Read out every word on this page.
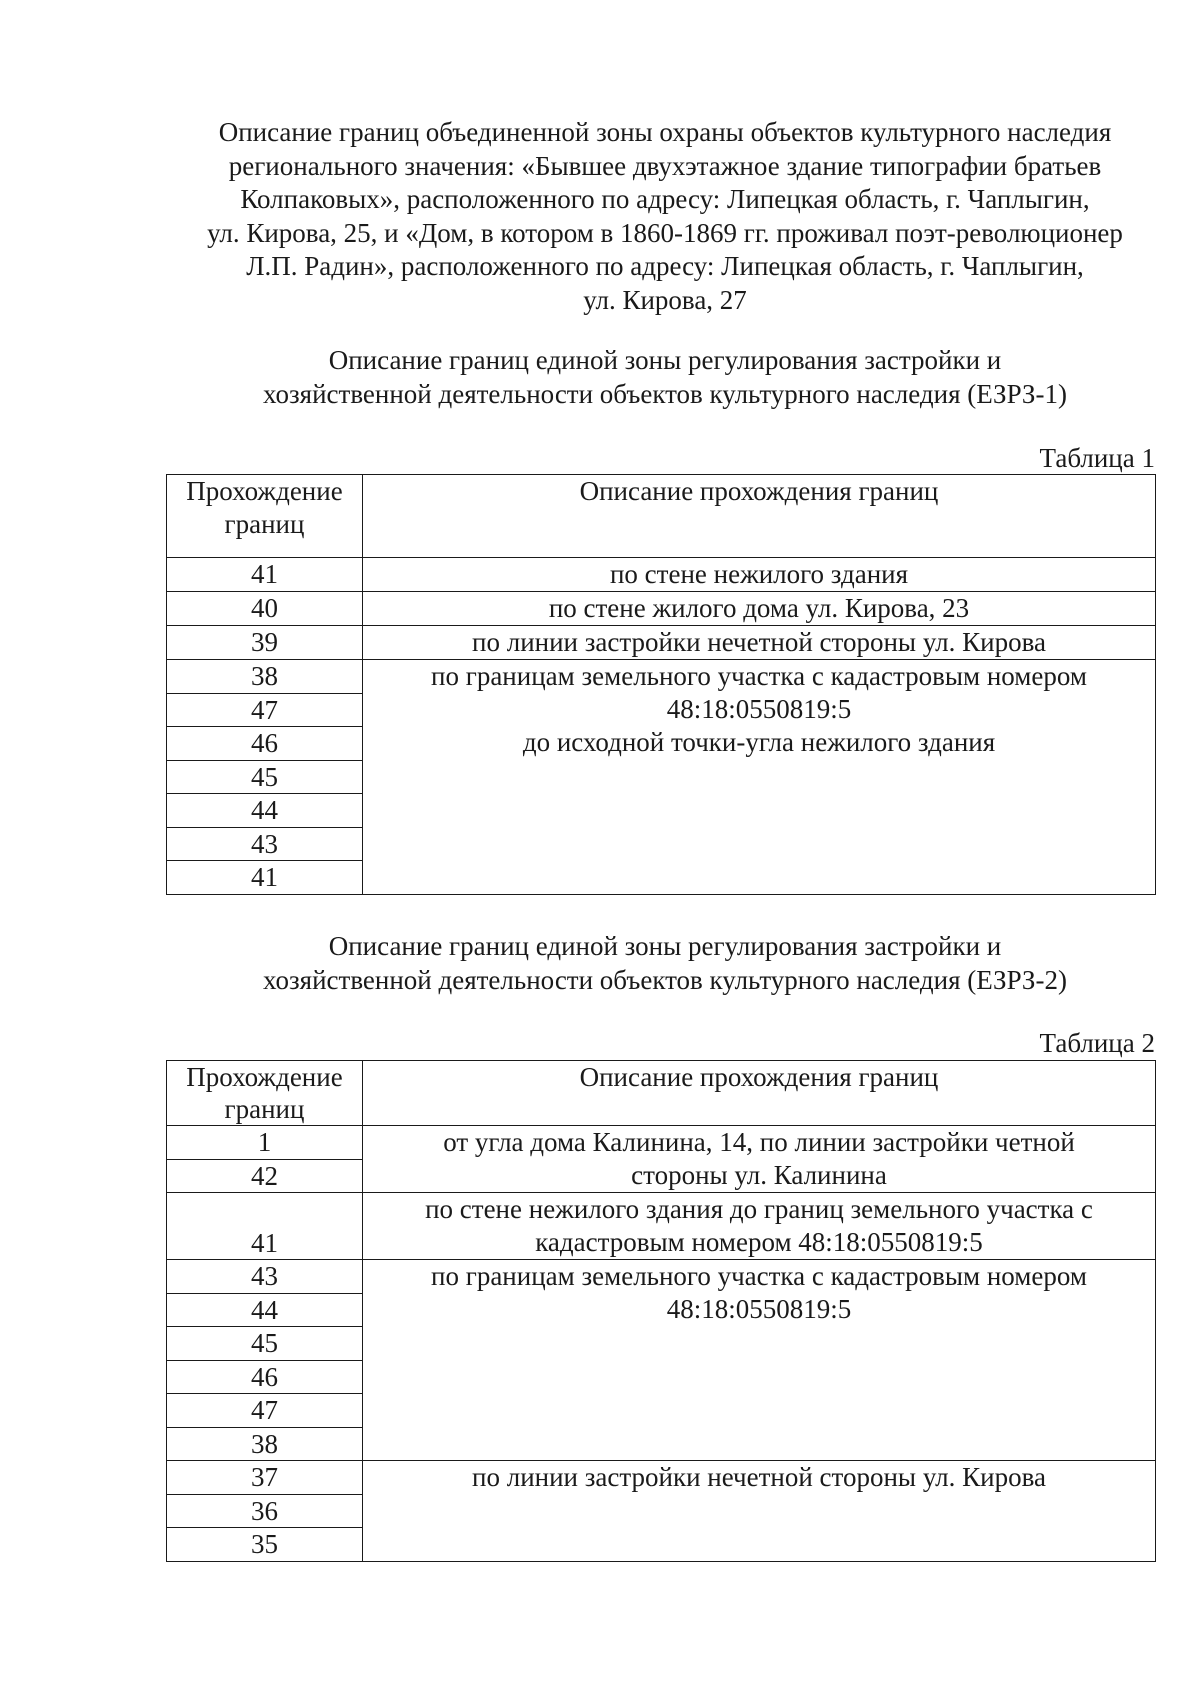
Описание границ объединенной зоны охраны объектов культурного наследия
регионального значения: «Бывшее двухэтажное здание типографии братьев
Колпаковых», расположенного по адресу: Липецкая область, г. Чаплыгин,
ул. Кирова, 25, и «Дом, в котором в 1860-1869 гг. проживал поэт-революционер
Л.П. Радин», расположенного по адресу: Липецкая область, г. Чаплыгин,
ул. Кирова, 27
Описание границ единой зоны регулирования застройки и
хозяйственной деятельности объектов культурного наследия (ЕЗРЗ-1)
Таблица 1
Прохождение
границ	Описание прохождения границ
41	по стене нежилого здания
40	по стене жилого дома ул. Кирова, 23
39	по линии застройки нечетной стороны ул. Кирова
38	по границам земельного участка с кадастровым номером
48:18:0550819:5
до исходной точки-угла нежилого здания

47	
46	
45	
44	
43	
41	
Описание границ единой зоны регулирования застройки и
хозяйственной деятельности объектов культурного наследия (ЕЗРЗ-2)
Таблица 2
Прохождение
границ	Описание прохождения границ
1	от угла дома Калинина, 14, по линии застройки четной
стороны ул. Калинина

42	
41	по стене нежилого здания до границ земельного участка с
кадастровым номером 48:18:0550819:5

43	по границам земельного участка с кадастровым номером
48:18:0550819:5

44	
45	
46	
47	
38	
37	по линии застройки нечетной стороны ул. Кирова
36	
35	
